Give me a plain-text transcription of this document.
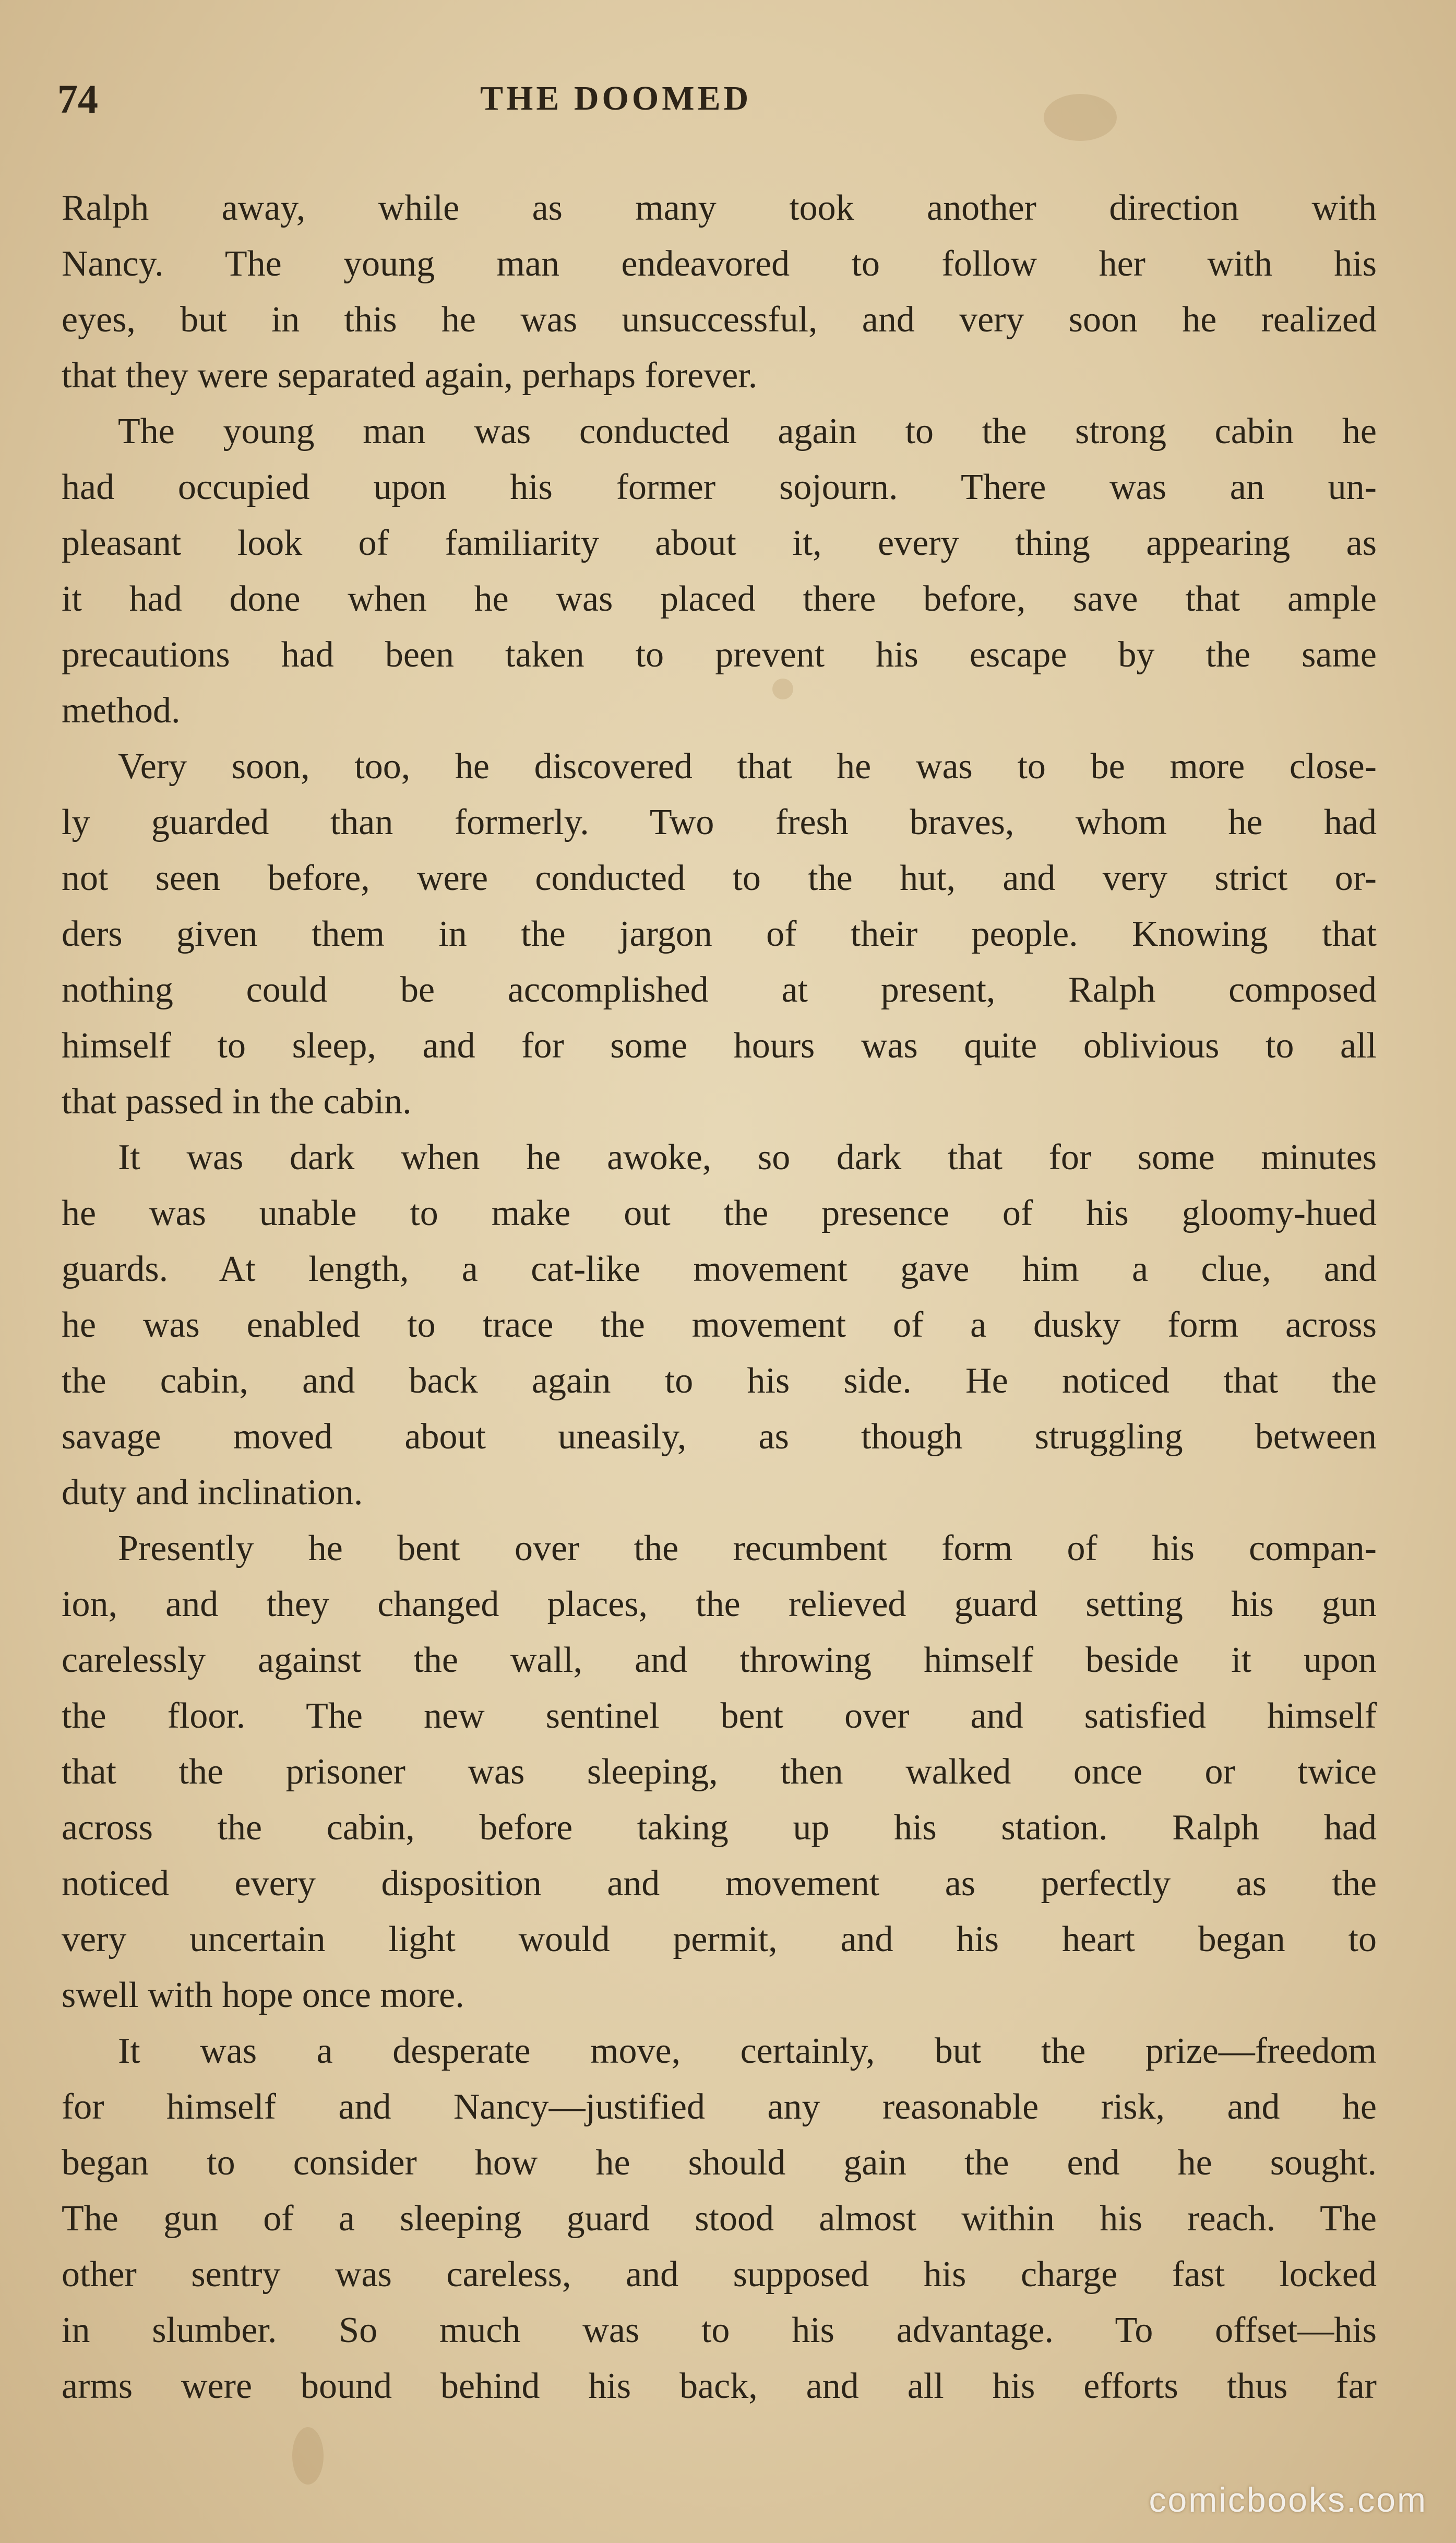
74	THE DOOMED
Ralph away, while as many took another direction with
Nancy. The young man endeavored to follow her with his
eyes, but in this he was unsuccessful, and very soon he realized
that they were separated again, perhaps forever.
The young man was conducted again to the strong cabin he
had occupied upon his former sojourn. There was an un-
pleasant look of familiarity about it, every thing appearing as
it had done when he was placed there before, save that ample
precautions had been taken to prevent his escape by the same
method.
Very soon, too, he discovered that he was to be more close-
ly guarded than formerly. Two fresh braves, whom he had
not seen before, were conducted to the hut, and very strict or-
ders given them in the jargon of their people. Knowing that
nothing could be accomplished at present, Ralph composed
himself to sleep, and for some hours was quite oblivious to all
that passed in the cabin.
It was dark when he awoke, so dark that for some minutes
he was unable to make out the presence of his gloomy-hued
guards. At length, a cat-like movement gave him a clue, and
he was enabled to trace the movement of a dusky form across
the cabin, and back again to his side. He noticed that the
savage moved about uneasily, as though struggling between
duty and inclination.
Presently he bent over the recumbent form of his compan-
ion, and they changed places, the relieved guard setting his gun
carelessly against the wall, and throwing himself beside it upon
the floor. The new sentinel bent over and satisfied himself
that the prisoner was sleeping, then walked once or twice
across the cabin, before taking up his station. Ralph had
noticed every disposition and movement as perfectly as the
very uncertain light would permit, and his heart began to
swell with hope once more.
It was a desperate move, certainly, but the prize—freedom
for himself and Nancy—justified any reasonable risk, and he
began to consider how he should gain the end he sought.
The gun of a sleeping guard stood almost within his reach. The
other sentry was careless, and supposed his charge fast locked
in slumber. So much was to his advantage. To offset—his
arms were bound behind his back, and all his efforts thus far
comicbooks.com
